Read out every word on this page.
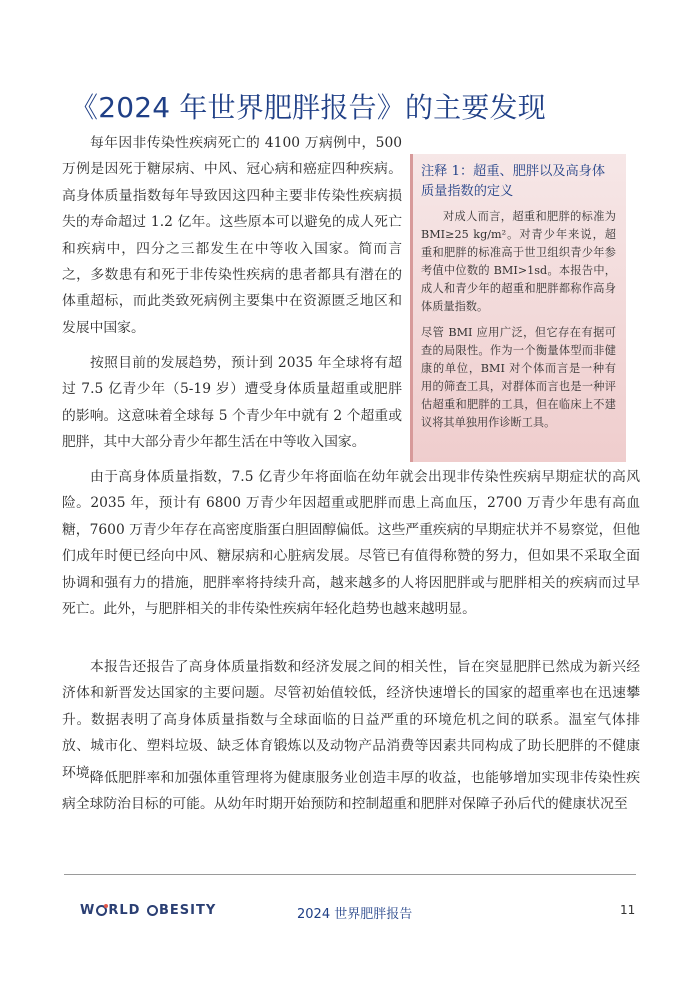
《2024 年世界肥胖报告》的主要发现

每年因非传染性疾病死亡的 4100 万病例中，500 万例是因死于糖尿病、中风、冠心病和癌症四种疾病。高身体质量指数每年导致因这四种主要非传染性疾病损失的寿命超过 1.2 亿年。这些原本可以避免的成人死亡和疾病中，四分之三都发生在中等收入国家。简而言之，多数患有和死于非传染性疾病的患者都具有潜在的体重超标，而此类致死病例主要集中在资源匮乏地区和发展中国家。

按照目前的发展趋势，预计到 2035 年全球将有超过 7.5 亿青少年（5-19 岁）遭受身体质量超重或肥胖的影响。这意味着全球每 5 个青少年中就有 2 个超重或肥胖，其中大部分青少年都生活在中等收入国家。

由于高身体质量指数，7.5 亿青少年将面临在幼年就会出现非传染性疾病早期症状的高风险。2035 年，预计有 6800 万青少年因超重或肥胖而患上高血压，2700 万青少年患有高血糖，7600 万青少年存在高密度脂蛋白胆固醇偏低。这些严重疾病的早期症状并不易察觉，但他们成年时便已经向中风、糖尿病和心脏病发展。尽管已有值得称赞的努力，但如果不采取全面协调和强有力的措施，肥胖率将持续升高，越来越多的人将因肥胖或与肥胖相关的疾病而过早死亡。此外，与肥胖相关的非传染性疾病年轻化趋势也越来越明显。

本报告还报告了高身体质量指数和经济发展之间的相关性，旨在突显肥胖已然成为新兴经济体和新晋发达国家的主要问题。尽管初始值较低，经济快速增长的国家的超重率也在迅速攀升。数据表明了高身体质量指数与全球面临的日益严重的环境危机之间的联系。温室气体排放、城市化、塑料垃圾、缺乏体育锻炼以及动物产品消费等因素共同构成了助长肥胖的不健康环境。

降低肥胖率和加强体重管理将为健康服务业创造丰厚的收益，也能够增加实现非传染性疾病全球防治目标的可能。从幼年时期开始预防和控制超重和肥胖对保障子孙后代的健康状况至

注释 1：超重、肥胖以及高身体质量指数的定义

对成人而言，超重和肥胖的标准为 BMI≥25 kg/m²。对青少年来说，超重和肥胖的标准高于世卫组织青少年参考值中位数的 BMI>1sd。本报告中，成人和青少年的超重和肥胖都称作高身体质量指数。

尽管 BMI 应用广泛，但它存在有据可查的局限性。作为一个衡量体型而非健康的单位，BMI 对个体而言是一种有用的筛查工具，对群体而言也是一种评估超重和肥胖的工具，但在临床上不建议将其单独用作诊断工具。

W RLD BESITY	2024 世界肥胖报告	11
